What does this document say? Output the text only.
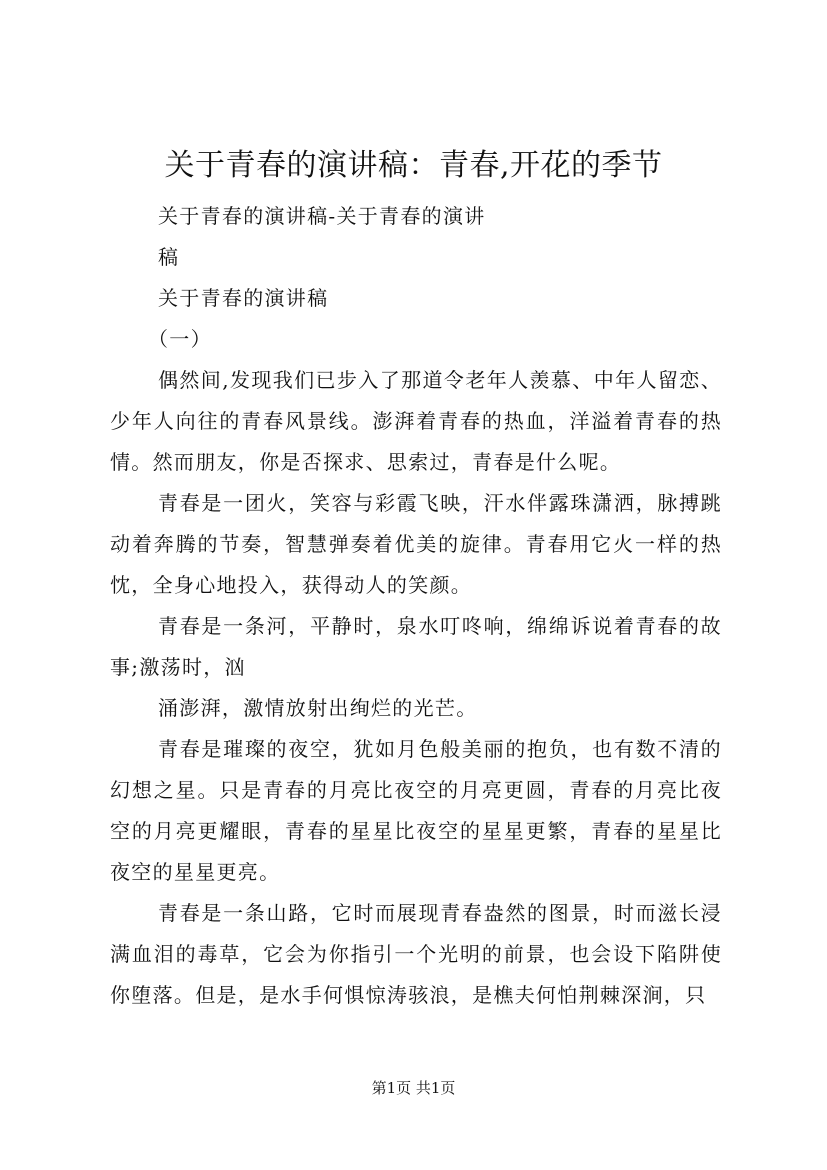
关于青春的演讲稿：青春,开花的季节

关于青春的演讲稿-关于青春的演讲

稿

关于青春的演讲稿

（一）

偶然间,发现我们已步入了那道令老年人羡慕、中年人留恋、少年人向往的青春风景线。澎湃着青春的热血，洋溢着青春的热情。然而朋友，你是否探求、思索过，青春是什么呢。

青春是一团火，笑容与彩霞飞映，汗水伴露珠潇洒，脉搏跳动着奔腾的节奏，智慧弹奏着优美的旋律。青春用它火一样的热忱，全身心地投入，获得动人的笑颜。

青春是一条河，平静时，泉水叮咚响，绵绵诉说着青春的故事;激荡时，汹

涌澎湃，激情放射出绚烂的光芒。

青春是璀璨的夜空，犹如月色般美丽的抱负，也有数不清的幻想之星。只是青春的月亮比夜空的月亮更圆，青春的月亮比夜空的月亮更耀眼，青春的星星比夜空的星星更繁，青春的星星比夜空的星星更亮。

青春是一条山路，它时而展现青春盎然的图景，时而滋长浸满血泪的毒草，它会为你指引一个光明的前景，也会设下陷阱使你堕落。但是，是水手何惧惊涛骇浪，是樵夫何怕荆棘深涧，只

第1页 共1页
